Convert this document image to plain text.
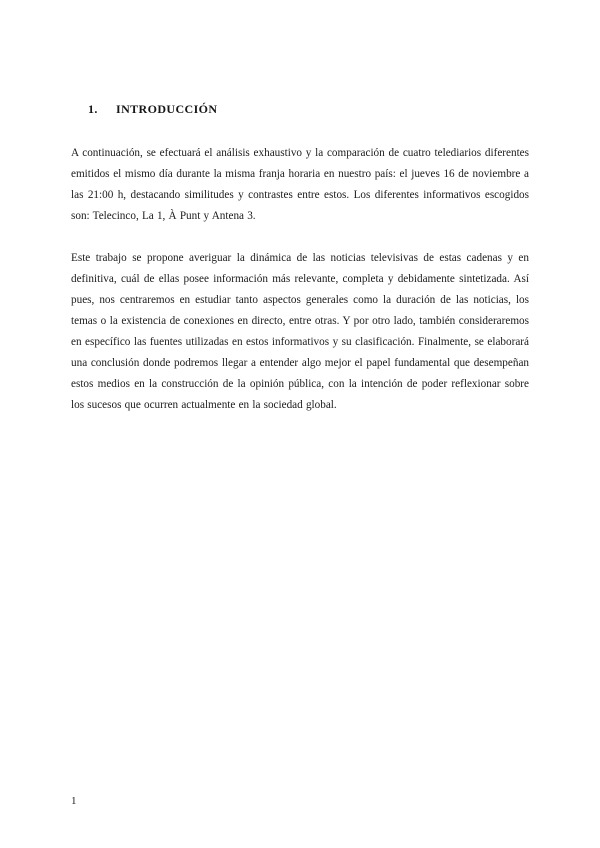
1.	INTRODUCCIÓN

A continuación, se efectuará el análisis exhaustivo y la comparación de cuatro telediarios diferentes emitidos el mismo día durante la misma franja horaria en nuestro país: el jueves 16 de noviembre a las 21:00 h, destacando similitudes y contrastes entre estos. Los diferentes informativos escogidos son: Telecinco, La 1, À Punt y Antena 3.

Este trabajo se propone averiguar la dinámica de las noticias televisivas de estas cadenas y en definitiva, cuál de ellas posee información más relevante, completa y debidamente sintetizada. Así pues, nos centraremos en estudiar tanto aspectos generales como la duración de las noticias, los temas o la existencia de conexiones en directo, entre otras. Y por otro lado, también consideraremos en específico las fuentes utilizadas en estos informativos y su clasificación. Finalmente, se elaborará una conclusión donde podremos llegar a entender algo mejor el papel fundamental que desempeñan estos medios en la construcción de la opinión pública, con la intención de poder reflexionar sobre los sucesos que ocurren actualmente en la sociedad global.

1
